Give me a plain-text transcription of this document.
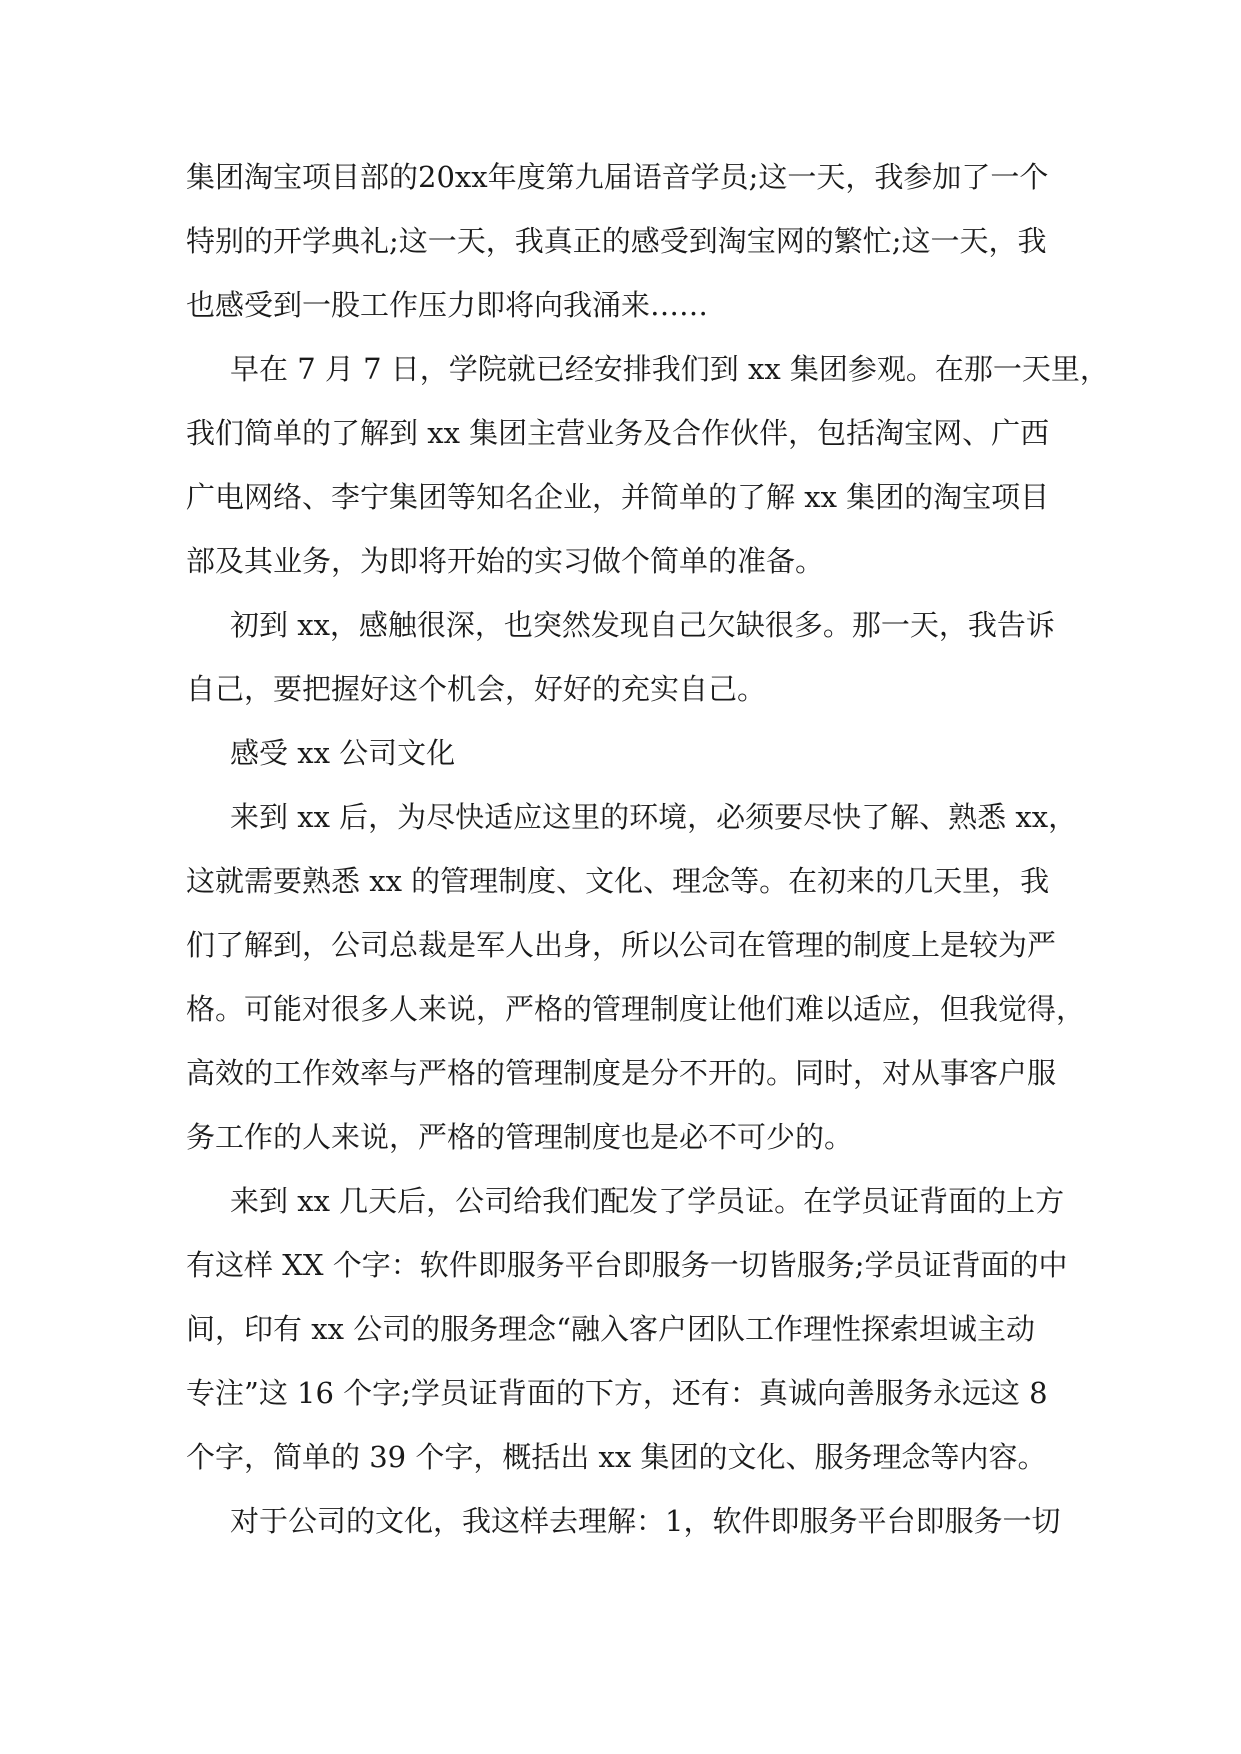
集团淘宝项目部的20xx年度第九届语音学员;这一天，我参加了一个
特别的开学典礼;这一天，我真正的感受到淘宝网的繁忙;这一天，我
也感受到一股工作压力即将向我涌来……
早在 7 月 7 日，学院就已经安排我们到 xx 集团参观。在那一天里，
我们简单的了解到 xx 集团主营业务及合作伙伴，包括淘宝网、广西
广电网络、李宁集团等知名企业，并简单的了解 xx 集团的淘宝项目
部及其业务，为即将开始的实习做个简单的准备。
初到 xx，感触很深，也突然发现自己欠缺很多。那一天，我告诉
自己，要把握好这个机会，好好的充实自己。
感受 xx 公司文化
来到 xx 后，为尽快适应这里的环境，必须要尽快了解、熟悉 xx，
这就需要熟悉 xx 的管理制度、文化、理念等。在初来的几天里，我
们了解到，公司总裁是军人出身，所以公司在管理的制度上是较为严
格。可能对很多人来说，严格的管理制度让他们难以适应，但我觉得，
高效的工作效率与严格的管理制度是分不开的。同时，对从事客户服
务工作的人来说，严格的管理制度也是必不可少的。
来到 xx 几天后，公司给我们配发了学员证。在学员证背面的上方
有这样 XX 个字：软件即服务平台即服务一切皆服务;学员证背面的中
间，印有 xx 公司的服务理念“融入客户团队工作理性探索坦诚主动
专注”这 16 个字;学员证背面的下方，还有：真诚向善服务永远这 8
个字，简单的 39 个字，概括出 xx 集团的文化、服务理念等内容。
对于公司的文化，我这样去理解：1，软件即服务平台即服务一切
